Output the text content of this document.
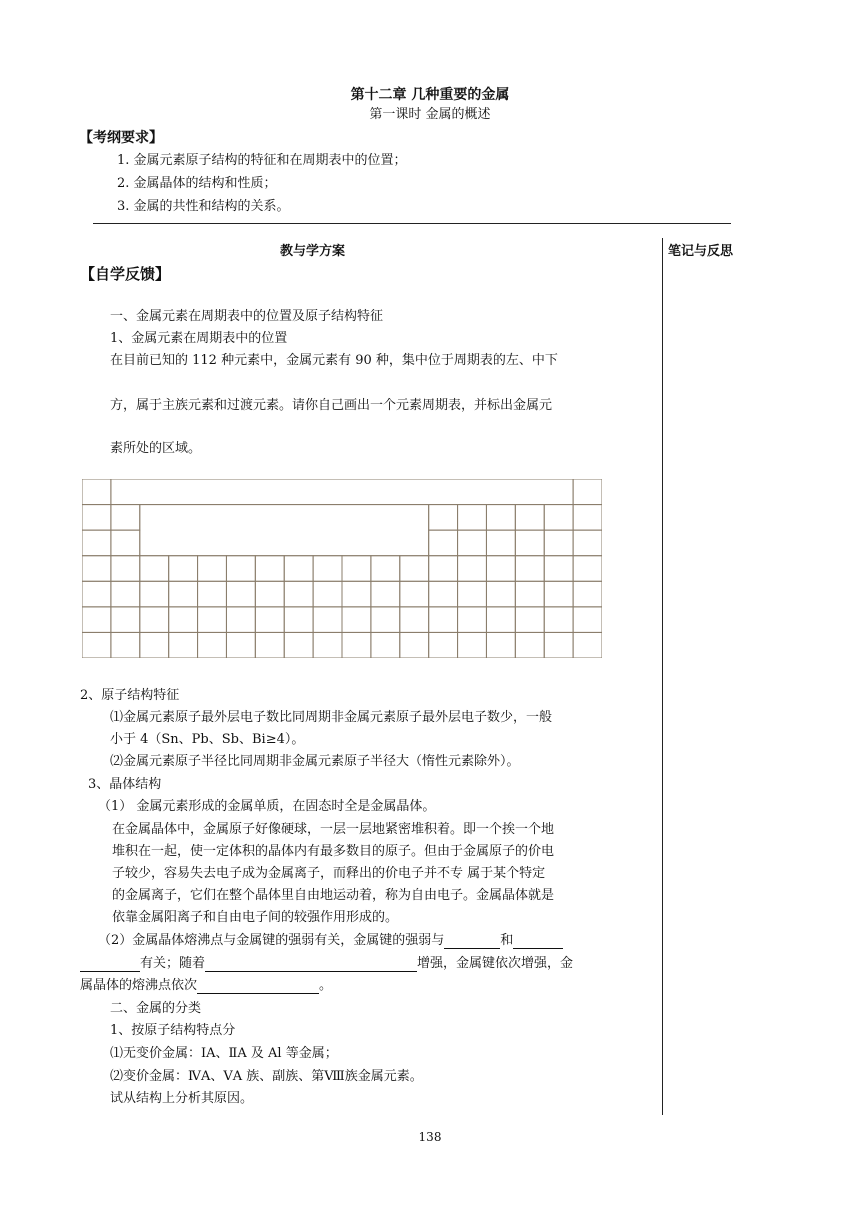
第十二章 几种重要的金属
第一课时 金属的概述
【考纲要求】
1. 金属元素原子结构的特征和在周期表中的位置；
2. 金属晶体的结构和性质；
3. 金属的共性和结构的关系。
教与学方案	笔记与反思
【自学反馈】
一、金属元素在周期表中的位置及原子结构特征
1、金属元素在周期表中的位置
在目前已知的 112 种元素中，金属元素有 90 种，集中位于周期表的左、中下
方，属于主族元素和过渡元素。请你自己画出一个元素周期表，并标出金属元
素所处的区域。
2、原子结构特征
⑴金属元素原子最外层电子数比同周期非金属元素原子最外层电子数少，一般
小于 4（Sn、Pb、Sb、Bi≥4）。
⑵金属元素原子半径比同周期非金属元素原子半径大（惰性元素除外）。
3、晶体结构
（1） 金属元素形成的金属单质，在固态时全是金属晶体。
在金属晶体中，金属原子好像硬球，一层一层地紧密堆积着。即一个挨一个地
堆积在一起，使一定体积的晶体内有最多数目的原子。但由于金属原子的价电
子较少，容易失去电子成为金属离子，而释出的价电子并不专 属于某个特定
的金属离子，它们在整个晶体里自由地运动着，称为自由电子。金属晶体就是
依靠金属阳离子和自由电子间的较强作用形成的。
（2）金属晶体熔沸点与金属键的强弱有关，金属键的强弱与	和
有关；随着	增强，金属键依次增强，金
属晶体的熔沸点依次	。
二、金属的分类
1、按原子结构特点分
⑴无变价金属：ⅠA、ⅡA 及 Al 等金属；
⑵变价金属：ⅣA、ⅤA 族、副族、第Ⅷ族金属元素。
试从结构上分析其原因。
138
